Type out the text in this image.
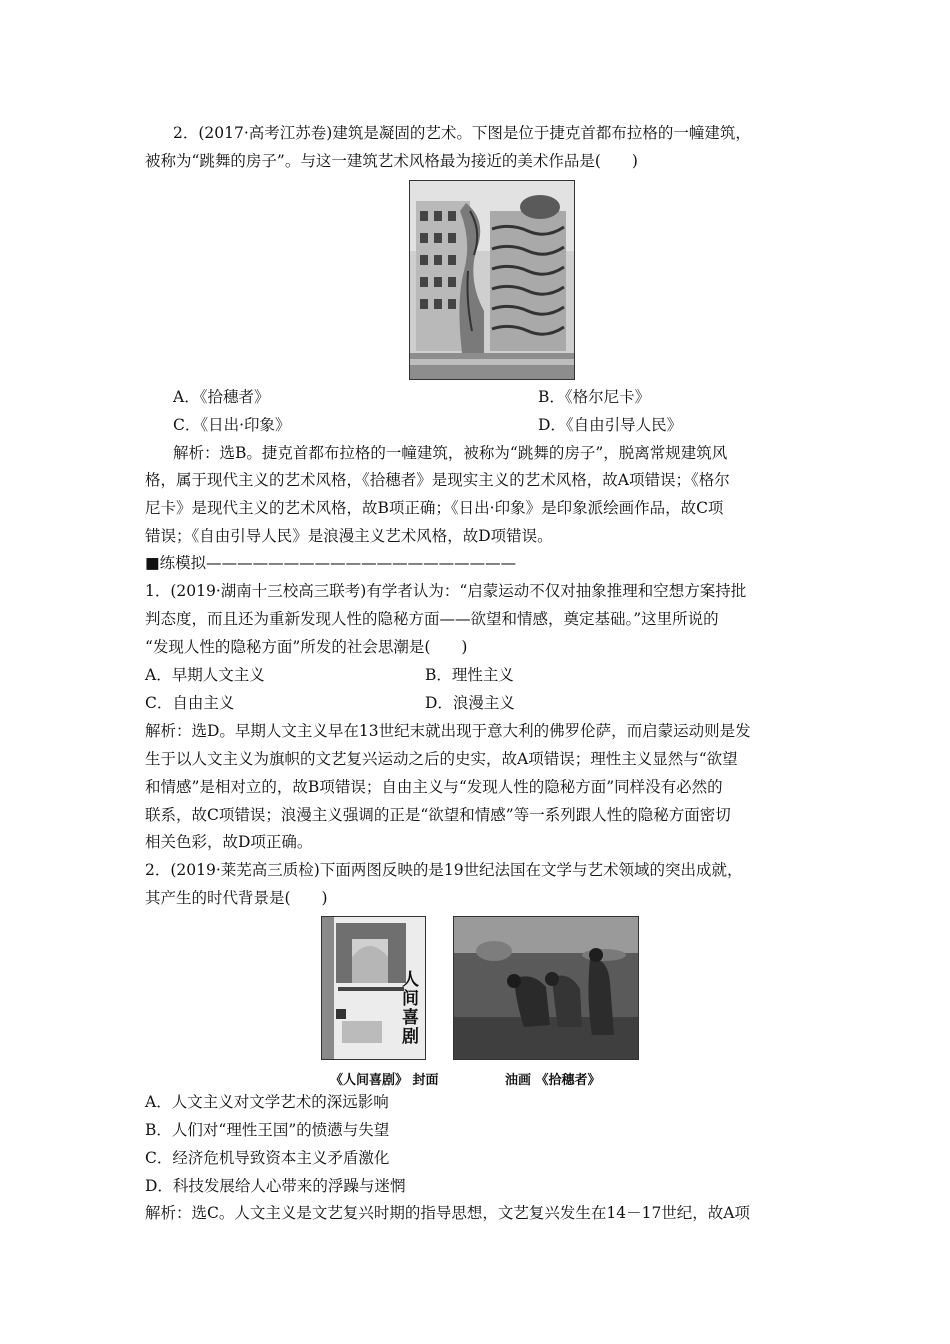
2．(2017·高考江苏卷)建筑是凝固的艺术。下图是位于捷克首都布拉格的一幢建筑，
被称为“跳舞的房子”。与这一建筑艺术风格最为接近的美术作品是(　　)
A．《拾穗者》	B．《格尔尼卡》
C．《日出·印象》	D．《自由引导人民》
解析：选B。捷克首都布拉格的一幢建筑，被称为“跳舞的房子”，脱离常规建筑风
格，属于现代主义的艺术风格，《拾穗者》是现实主义的艺术风格，故A项错误；《格尔
尼卡》是现代主义的艺术风格，故B项正确；《日出·印象》是印象派绘画作品，故C项
错误；《自由引导人民》是浪漫主义艺术风格，故D项错误。
■练模拟————————————————————
1．(2019·湖南十三校高三联考)有学者认为：“启蒙运动不仅对抽象推理和空想方案持批
判态度，而且还为重新发现人性的隐秘方面——欲望和情感，奠定基础。”这里所说的
“发现人性的隐秘方面”所发的社会思潮是(　　)
A．早期人文主义	B．理性主义
C．自由主义	D．浪漫主义
解析：选D。早期人文主义早在13世纪末就出现于意大利的佛罗伦萨，而启蒙运动则是发
生于以人文主义为旗帜的文艺复兴运动之后的史实，故A项错误；理性主义显然与“欲望
和情感”是相对立的，故B项错误；自由主义与“发现人性的隐秘方面”同样没有必然的
联系，故C项错误；浪漫主义强调的正是“欲望和情感”等一系列跟人性的隐秘方面密切
相关色彩，故D项正确。
2．(2019·莱芜高三质检)下面两图反映的是19世纪法国在文学与艺术领域的突出成就，
其产生的时代背景是(　　)
人间喜剧
《人间喜剧》 封面	油画 《拾穗者》
A．人文主义对文学艺术的深远影响
B．人们对“理性王国”的愤懑与失望
C．经济危机导致资本主义矛盾激化
D．科技发展给人心带来的浮躁与迷惘
解析：选C。人文主义是文艺复兴时期的指导思想，文艺复兴发生在14－17世纪，故A项
